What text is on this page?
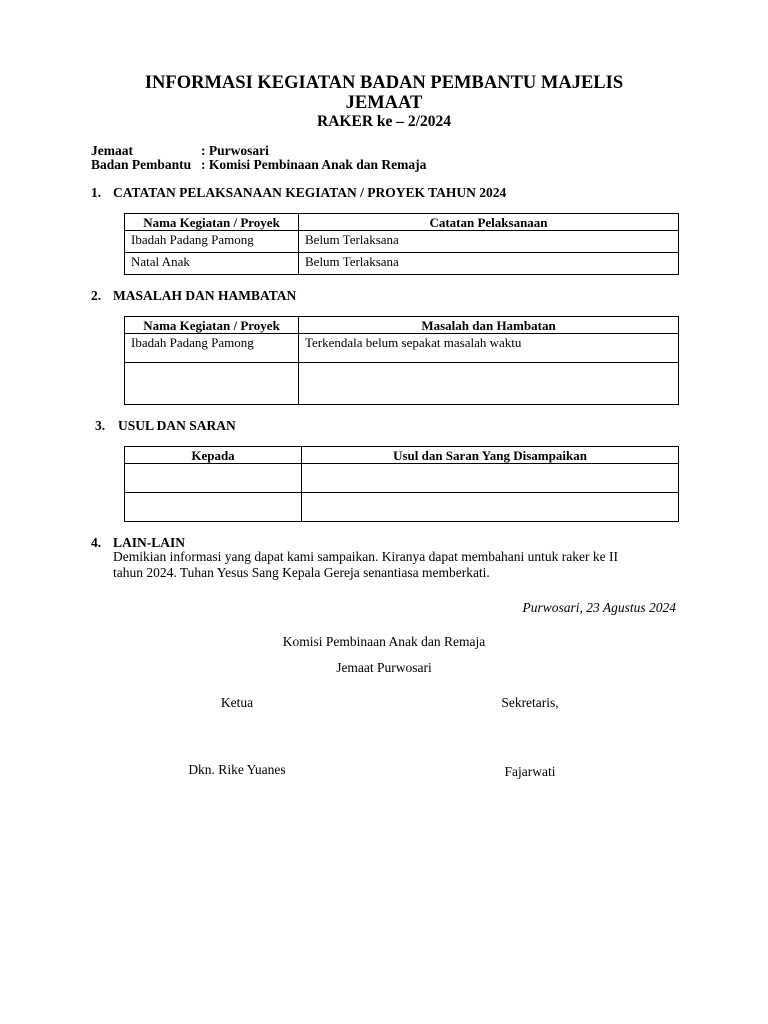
INFORMASI KEGIATAN BADAN PEMBANTU MAJELIS
JEMAAT
RAKER ke – 2/2024
Jemaat	: Purwosari
Badan Pembantu : Komisi Pembinaan Anak dan Remaja
1. CATATAN PELAKSANAAN KEGIATAN / PROYEK TAHUN 2024
Nama Kegiatan / Proyek	Catatan Pelaksanaan
Ibadah Padang Pamong	Belum Terlaksana
Natal Anak	Belum Terlaksana
2. MASALAH DAN HAMBATAN
Nama Kegiatan / Proyek	Masalah dan Hambatan
Ibadah Padang Pamong	Terkendala belum sepakat masalah waktu

3. USUL DAN SARAN
Kepada	Usul dan Saran Yang Disampaikan

4. LAIN-LAIN
Demikian informasi yang dapat kami sampaikan. Kiranya dapat membahani untuk raker ke II
tahun 2024. Tuhan Yesus Sang Kepala Gereja senantiasa memberkati.
Purwosari, 23 Agustus 2024
Komisi Pembinaan Anak dan Remaja
Jemaat Purwosari
Ketua	Sekretaris,
Dkn. Rike Yuanes	Fajarwati
